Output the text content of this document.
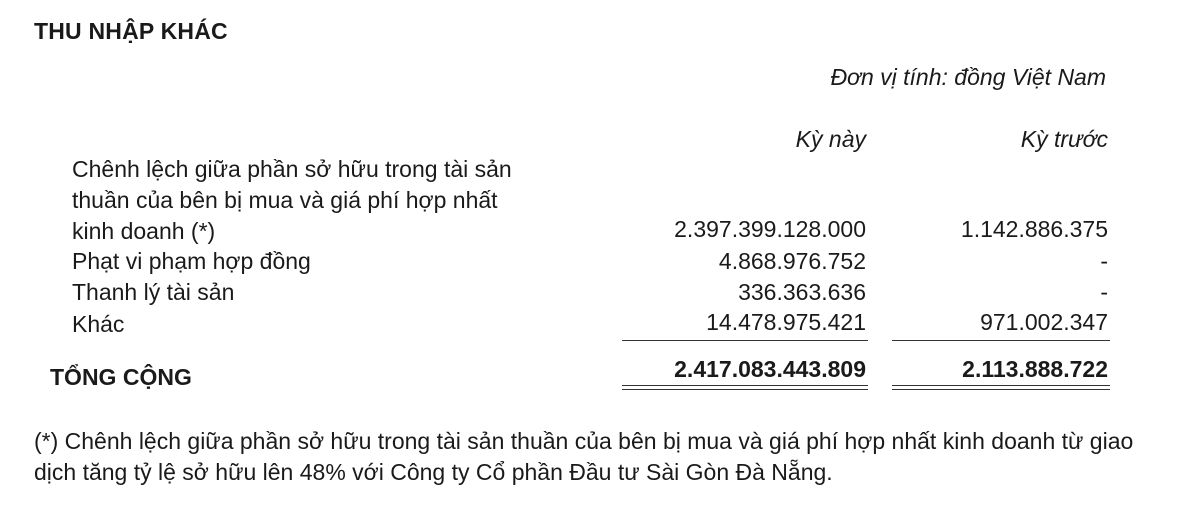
THU NHẬP KHÁC
Đơn vị tính: đồng Việt Nam
Kỳ này	Kỳ trước
Chênh lệch giữa phần sở hữu trong tài sản
thuần của bên bị mua và giá phí hợp nhất
kinh doanh (*)	2.397.399.128.000	1.142.886.375
Phạt vi phạm hợp đồng	4.868.976.752	-
Thanh lý tài sản	336.363.636	-
Khác	14.478.975.421	971.002.347
TỔNG CỘNG	2.417.083.443.809	2.113.888.722
(*) Chênh lệch giữa phần sở hữu trong tài sản thuần của bên bị mua và giá phí hợp nhất kinh doanh từ giao dịch tăng tỷ lệ sở hữu lên 48% với Công ty Cổ phần Đầu tư Sài Gòn Đà Nẵng.
